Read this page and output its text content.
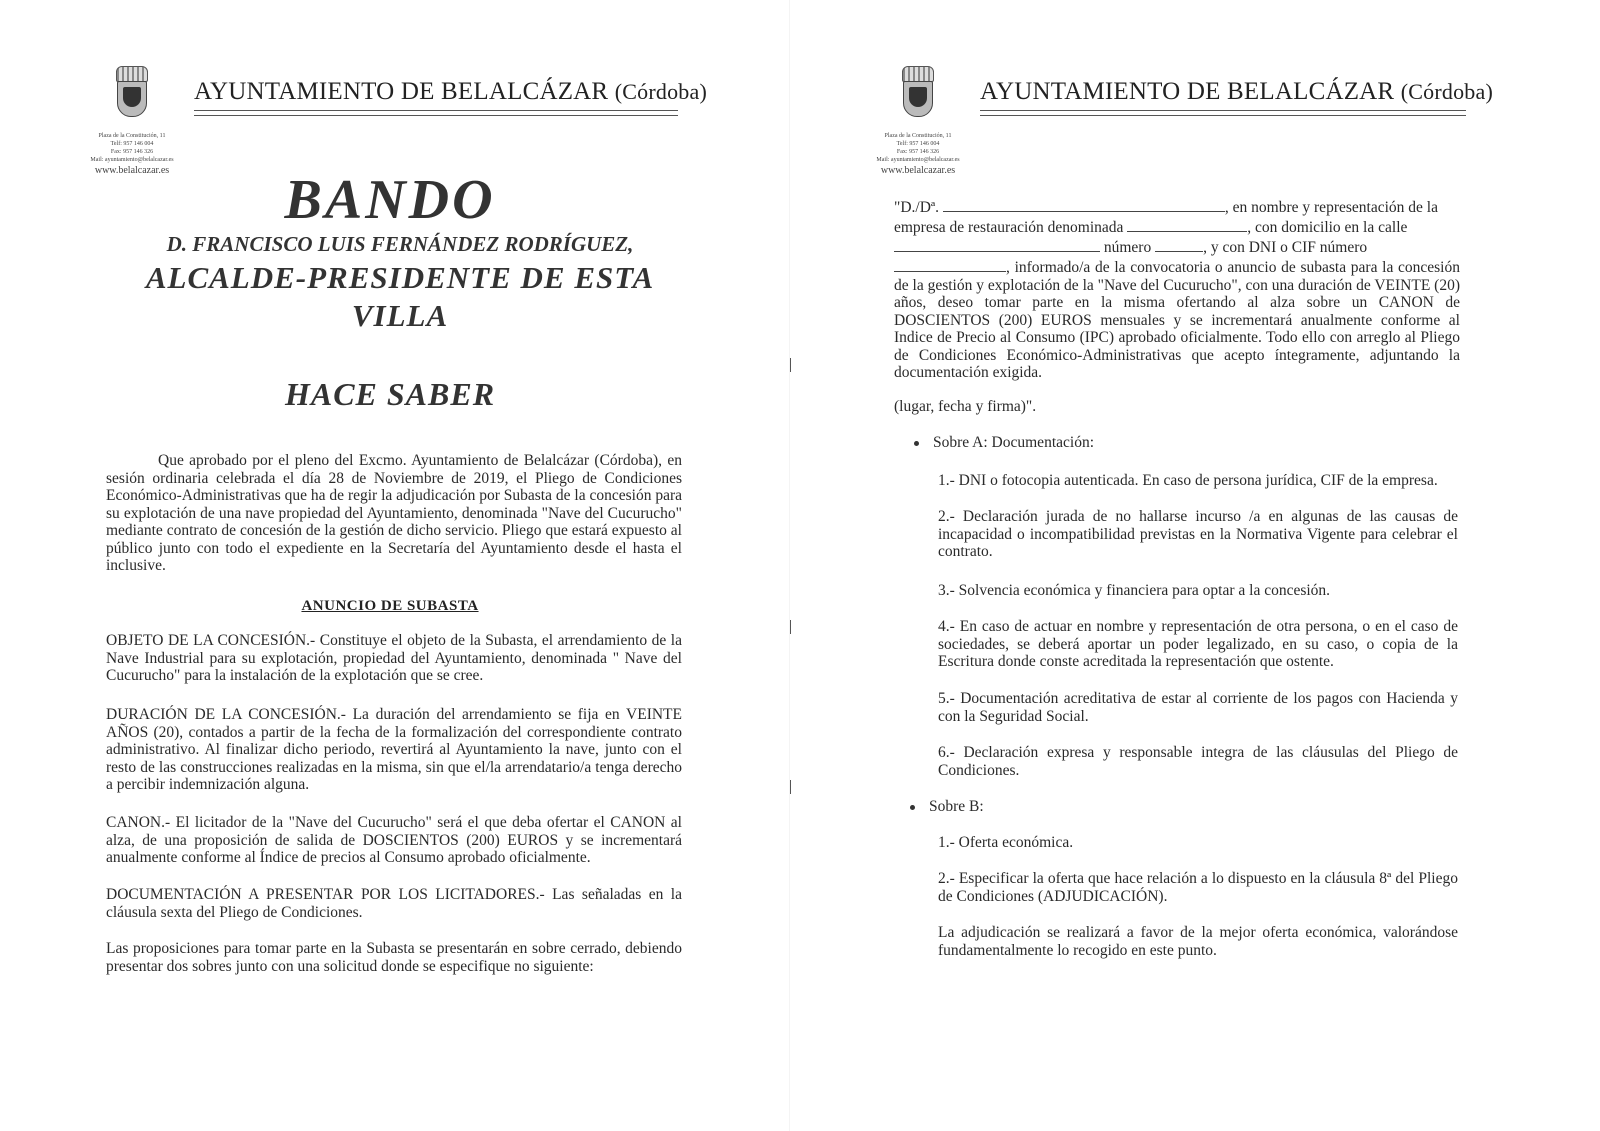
AYUNTAMIENTO DE BELALCÁZAR (Córdoba)
Plaza de la Constitución, 11
Telf: 957 146 004
Fax: 957 146 326
Mail: ayuntamiento@belalcazar.es
www.belalcazar.es	BANDO
D. FRANCISCO LUIS FERNÁNDEZ RODRÍGUEZ,
ALCALDE-PRESIDENTE DE ESTA
VILLA
HACE SABER
Que aprobado por el pleno del Excmo. Ayuntamiento de Belalcázar (Córdoba), en sesión ordinaria celebrada el día 28 de Noviembre de 2019, el Pliego de Condiciones Económico-Administrativas que ha de regir la adjudicación por Subasta de la concesión para su explotación de una nave propiedad del Ayuntamiento, denominada "Nave del Cucurucho" mediante contrato de concesión de la gestión de dicho servicio. Pliego que estará expuesto al público junto con todo el expediente en la Secretaría del Ayuntamiento desde el hasta el inclusive.
ANUNCIO DE SUBASTA
OBJETO DE LA CONCESIÓN.- Constituye el objeto de la Subasta, el arrendamiento de la Nave Industrial para su explotación, propiedad del Ayuntamiento, denominada " Nave del Cucurucho" para la instalación de la explotación que se cree.
DURACIÓN DE LA CONCESIÓN.- La duración del arrendamiento se fija en VEINTE AÑOS (20), contados a partir de la fecha de la formalización del correspondiente contrato administrativo. Al finalizar dicho periodo, revertirá al Ayuntamiento la nave, junto con el resto de las construcciones realizadas en la misma, sin que el/la arrendatario/a tenga derecho a percibir indemnización alguna.
CANON.- El licitador de la "Nave del Cucurucho" será el que deba ofertar el CANON al alza, de una proposición de salida de DOSCIENTOS (200) EUROS y se incrementará anualmente conforme al Índice de precios al Consumo aprobado oficialmente.
DOCUMENTACIÓN A PRESENTAR POR LOS LICITADORES.- Las señaladas en la cláusula sexta del Pliego de Condiciones.
Las proposiciones para tomar parte en la Subasta se presentarán en sobre cerrado, debiendo presentar dos sobres junto con una solicitud donde se especifique no siguiente:
AYUNTAMIENTO DE BELALCÁZAR (Córdoba)
Plaza de la Constitución, 11
Telf: 957 146 004
Fax: 957 146 326
Mail: ayuntamiento@belalcazar.es
www.belalcazar.es
"D./Dª.	, en nombre y representación de la
empresa de restauración denominada	, con domicilio en la calle
número	, y con DNI o CIF número
, informado/a de la convocatoria o anuncio de subasta para la concesión de la gestión y explotación de la "Nave del Cucurucho", con una duración de VEINTE (20) años, deseo tomar parte en la misma ofertando al alza sobre un CANON de DOSCIENTOS (200) EUROS mensuales y se incrementará anualmente conforme al Indice de Precio al Consumo (IPC) aprobado oficialmente. Todo ello con arreglo al Pliego de Condiciones Económico-Administrativas que acepto íntegramente, adjuntando la documentación exigida.
(lugar, fecha y firma)".
Sobre A: Documentación:
1.- DNI o fotocopia autenticada. En caso de persona jurídica, CIF de la empresa.
2.- Declaración jurada de no hallarse incurso /a en algunas de las causas de incapacidad o incompatibilidad previstas en la Normativa Vigente para celebrar el contrato.
3.- Solvencia económica y financiera para optar a la concesión.
4.- En caso de actuar en nombre y representación de otra persona, o en el caso de sociedades, se deberá aportar un poder legalizado, en su caso, o copia de la Escritura donde conste acreditada la representación que ostente.
5.- Documentación acreditativa de estar al corriente de los pagos con Hacienda y con la Seguridad Social.
6.- Declaración expresa y responsable integra de las cláusulas del Pliego de Condiciones.
Sobre B:
1.- Oferta económica.
2.- Especificar la oferta que hace relación a lo dispuesto en la cláusula 8ª del Pliego de Condiciones (ADJUDICACIÓN).
La adjudicación se realizará a favor de la mejor oferta económica, valorándose fundamentalmente lo recogido en este punto.
